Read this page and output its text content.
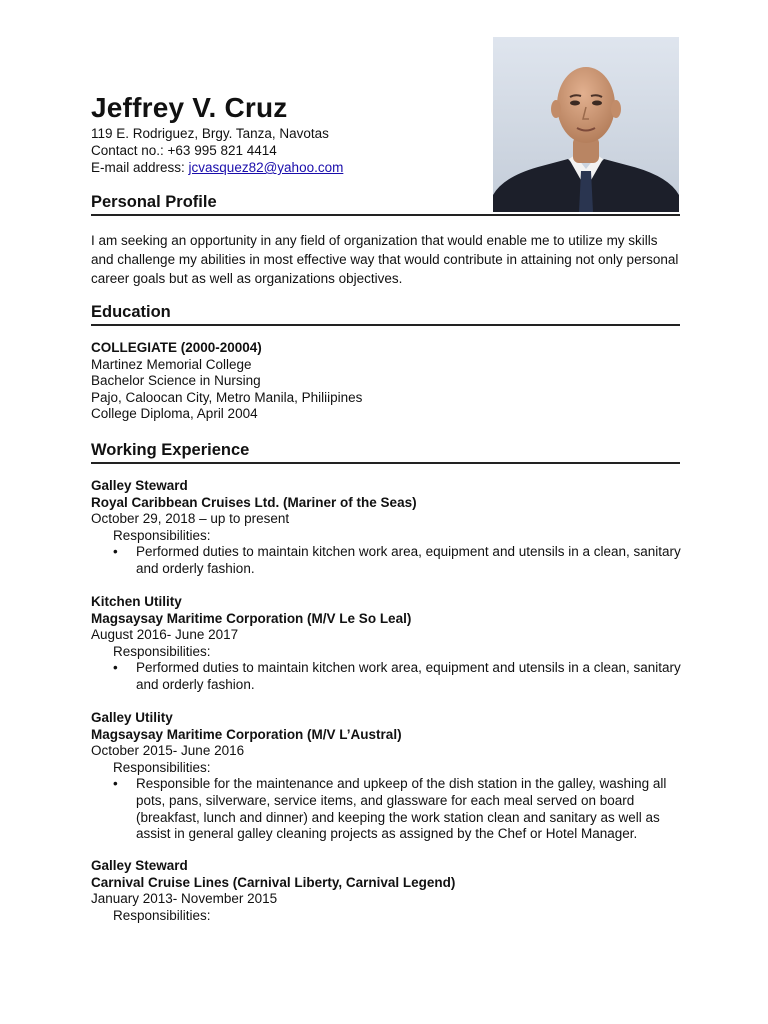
Jeffrey V. Cruz
119 E. Rodriguez, Brgy. Tanza, Navotas
Contact no.: +63 995 821 4414
E-mail address: jcvasquez82@yahoo.com
Personal Profile
I am seeking an opportunity in any field of organization that would enable me to utilize my skills and challenge my abilities in most effective way that would contribute in attaining not only personal career goals but as well as organizations objectives.
Education
COLLEGIATE (2000-20004)
Martinez Memorial College
Bachelor Science in Nursing
Pajo, Caloocan City, Metro Manila, Philiipines
College Diploma, April 2004
Working Experience
Galley Steward
Royal Caribbean Cruises Ltd. (Mariner of the Seas)
October 29, 2018 – up to present
Responsibilities:
•	Performed duties to maintain kitchen work area, equipment and utensils in a clean, sanitary and orderly fashion.
Kitchen Utility
Magsaysay Maritime Corporation (M/V Le So Leal)
August 2016- June 2017
Responsibilities:
•	Performed duties to maintain kitchen work area, equipment and utensils in a clean, sanitary and orderly fashion.
Galley Utility
Magsaysay Maritime Corporation (M/V L’Austral)
October 2015- June 2016
Responsibilities:
•	Responsible for the maintenance and upkeep of the dish station in the galley, washing all pots, pans, silverware, service items, and glassware for each meal served on board (breakfast, lunch and dinner) and keeping the work station clean and sanitary as well as assist in general galley cleaning projects as assigned by the Chef or Hotel Manager.
Galley Steward
Carnival Cruise Lines (Carnival Liberty, Carnival Legend)
January 2013- November 2015
Responsibilities:
